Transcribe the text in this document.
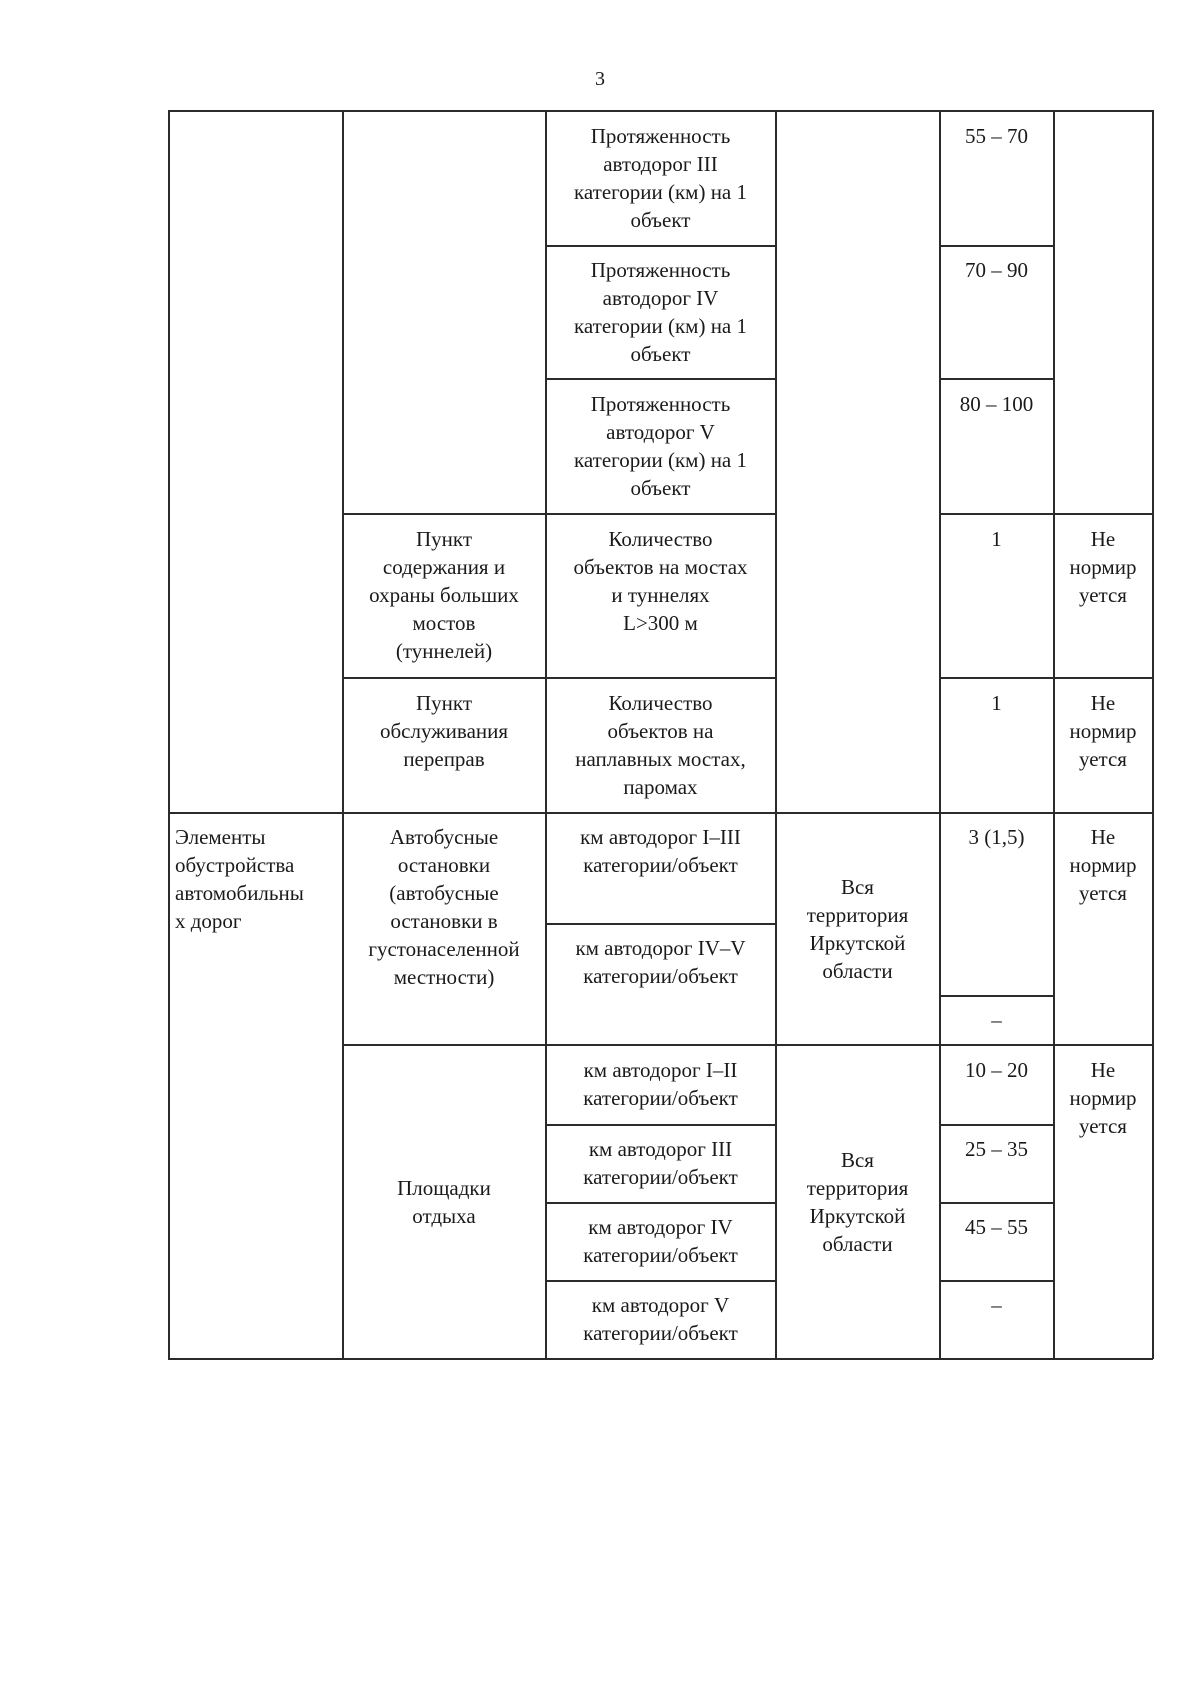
3
Протяженность
автодорог III
категории (км) на 1
объект
55 – 70
Протяженность
автодорог IV
категории (км) на 1
объект
70 – 90
Протяженность
автодорог V
категории (км) на 1
объект
80 – 100
Пункт
содержания и
охраны больших
мостов
(туннелей)
Количество
объектов на мостах
и туннелях
L>300 м
1	Не
нормир
уется
Пункт
обслуживания
переправ
Количество
объектов на
наплавных мостах,
паромах
1	Не
нормир
уется
Элементы
обустройства
автомобильны
х дорог
Автобусные
остановки
(автобусные
остановки в
густонаселенной
местности)
км автодорог I–III
категории/объект
км автодорог IV–V
категории/объект
Вся
территория
Иркутской
области
3 (1,5)
–
Не
нормир
уется
Площадки
отдыха
км автодорог I–II
категории/объект
км автодорог III
категории/объект
км автодорог IV
категории/объект
км автодорог V
категории/объект
Вся
территория
Иркутской
области
10 – 20
25 – 35
45 – 55
–
Не
нормир
уется
